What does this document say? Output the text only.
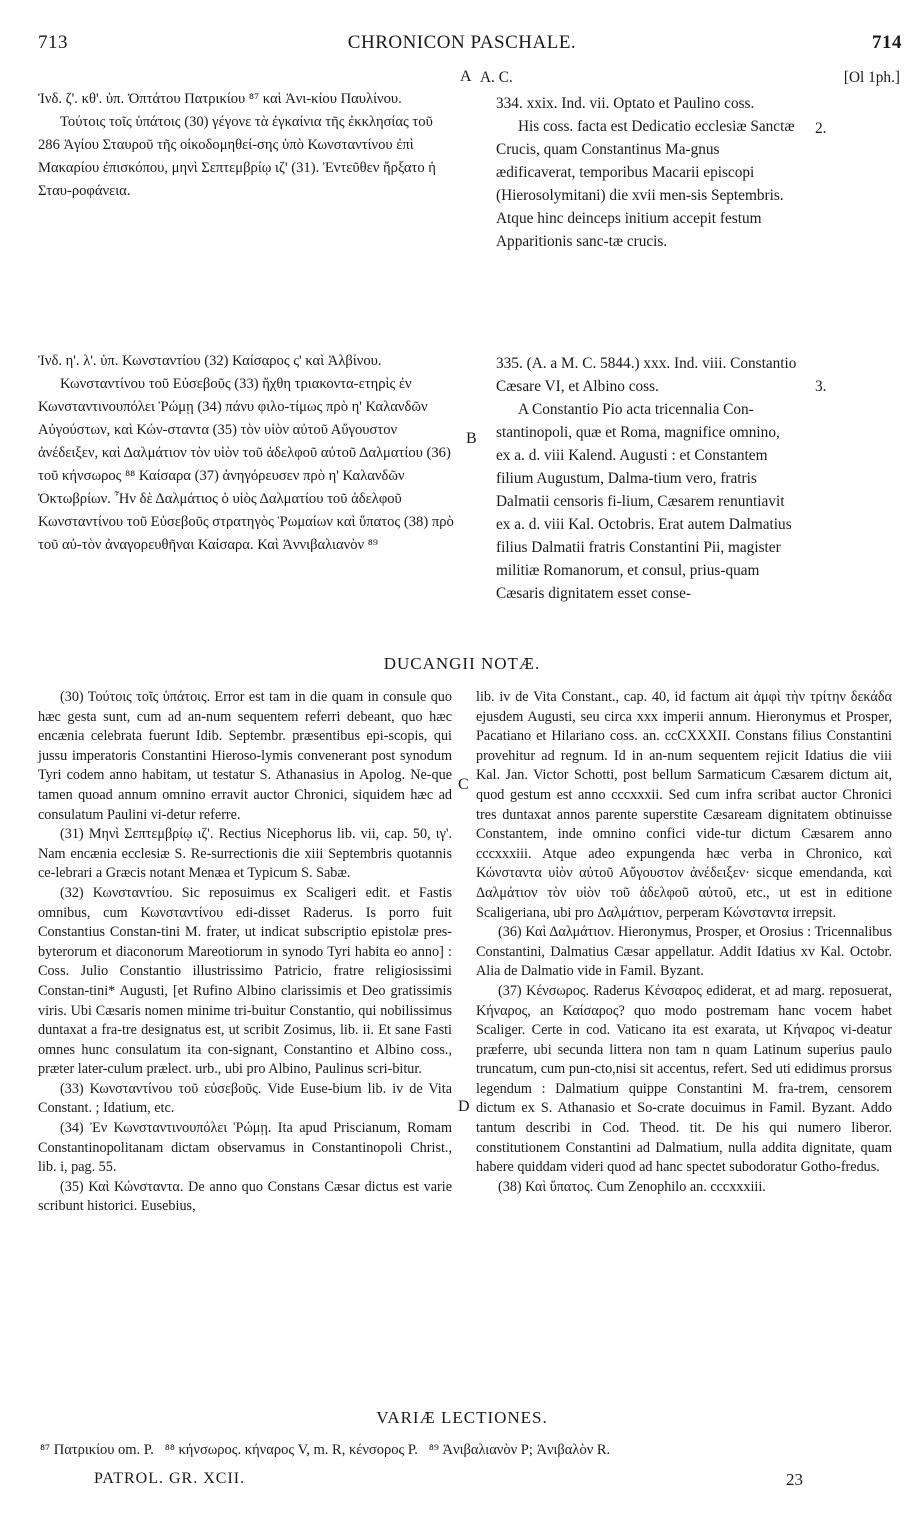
713	CHRONICON PASCHALE.	714
A

Ἰνδ. ζ'. κθ'. ὑπ. Ὀπτάτου Πατρικίου ⁸⁷ καὶ Ἀνι-κίου Παυλίνου.

Τούτοις τοῖς ὑπάτοις (30) γέγονε τὰ ἐγκαίνια τῆς ἐκκλησίας τοῦ 286 Ἁγίου Σταυροῦ τῆς οἰκοδομηθεί-σης ὑπὸ Κωνσταντίνου ἐπὶ Μακαρίου ἐπισκόπου, μηνὶ Σεπτεμβρίῳ ιζ' (31). Ἐντεῦθεν ἤρξατο ἡ Σταυ-ροφάνεια.

A. C.	[Ol 1ph.]

334. xxix. Ind. vii. Optato et Paulino coss.

His coss. facta est Dedicatio ecclesiæ Sanctæ Crucis, quam Constantinus Ma-gnus ædificaverat, temporibus Macarii episcopi (Hierosolymitani) die xvii men-sis Septembris. Atque hinc deinceps initium accepit festum Apparitionis sanc-tæ crucis.

2.
B

Ἰνδ. η'. λ'. ὑπ. Κωνσταντίου (32) Καίσαρος ς' καὶ Ἀλβίνου.

Κωνσταντίνου τοῦ Εὐσεβοῦς (33) ἤχθη τριακοντα-ετηρὶς ἐν Κωνσταντινουπόλει Ῥώμῃ (34) πάνυ φιλο-τίμως πρὸ η' Καλανδῶν Αὐγούστων, καὶ Κών-σταντα (35) τὸν υἱὸν αὐτοῦ Αὔγουστον ἀνέδειξεν, καὶ Δαλμάτιον τὸν υἱὸν τοῦ ἀδελφοῦ αὐτοῦ Δαλματίου (36) τοῦ κήνσωρος ⁸⁸ Καίσαρα (37) ἀνηγόρευσεν πρὸ η' Καλανδῶν Ὀκτωβρίων. Ἦν δὲ Δαλμάτιος ὁ υἱὸς Δαλματίου τοῦ ἀδελφοῦ Κωνσταντίνου τοῦ Εὐσεβοῦς στρατηγὸς Ῥωμαίων καὶ ὕπατος (38) πρὸ τοῦ αὐ-τὸν ἀναγορευθῆναι Καίσαρα. Καὶ Ἀννιβαλιανὸν ⁸⁹

335. (A. a M. C. 5844.) xxx. Ind. viii. Constantio Cæsare VI, et Albino coss.

A Constantio Pio acta tricennalia Con-stantinopoli, quæ et Roma, magnifice omnino, ex a. d. viii Kalend. Augusti : et Constantem filium Augustum, Dalma-tium vero, fratris Dalmatii censoris fi-lium, Cæsarem renuntiavit ex a. d. viii Kal. Octobris. Erat autem Dalmatius filius Dalmatii fratris Constantini Pii, magister militiæ Romanorum, et consul, prius-quam Cæsaris dignitatem esset conse-

3.
DUCANGII NOTÆ.
C
D

(30) Τούτοις τοῖς ὑπάτοις. Error est tam in die quam in consule quo hæc gesta sunt, cum ad an-num sequentem referri debeant, quo hæc encænia celebrata fuerunt Idib. Septembr. præsentibus epi-scopis, qui jussu imperatoris Constantini Hieroso-lymis convenerant post synodum Tyri codem anno habitam, ut testatur S. Athanasius in Apolog. Ne-que tamen quoad annum omnino erravit auctor Chronici, siquidem hæc ad consulatum Paulini vi-detur referre.

(31) Μηνὶ Σεπτεμβρίῳ ιζ'. Rectius Nicephorus lib. vii, cap. 50, ιγ'. Nam encænia ecclesiæ S. Re-surrectionis die xiii Septembris quotannis ce-lebrari a Græcis notant Menæa et Typicum S. Sabæ.

(32) Κωνσταντίου. Sic reposuimus ex Scaligeri edit. et Fastis omnibus, cum Κωνσταντίνου edi-disset Raderus. Is porro fuit Constantius Constan-tini M. frater, ut indicat subscriptio epistolæ pres-byterorum et diaconorum Mareotiorum in synodo Tyri habita eo anno] : Coss. Julio Constantio illustrissimo Patricio, fratre religiosissimi Constan-tini* Augusti, [et Rufino Albino clarissimis et Deo gratissimis viris. Ubi Cæsaris nomen minime tri-buitur Constantio, qui nobilissimus duntaxat a fra-tre designatus est, ut scribit Zosimus, lib. ii. Et sane Fasti omnes hunc consulatum ita con-signant, Constantino et Albino coss., præter later-culum prælect. urb., ubi pro Albino, Paulinus scri-bitur.

(33) Κωνσταντίνου τοῦ εὐσεβοῦς. Vide Euse-bium lib. iv de Vita Constant. ; Idatium, etc.

(34) Ἐν Κωνσταντινουπόλει Ῥώμῃ. Ita apud Priscianum, Romam Constantinopolitanam dictam observamus in Constantinopoli Christ., lib. i, pag. 55.

(35) Καὶ Κώνσταντα. De anno quo Constans Cæsar dictus est varie scribunt historici. Eusebius,

lib. iv de Vita Constant., cap. 40, id factum ait ἀμφὶ τὴν τρίτην δεκάδα ejusdem Augusti, seu circa xxx imperii annum. Hieronymus et Prosper, Pacatiano et Hilariano coss. an. ccCXXXII. Constans filius Constantini provehitur ad regnum. Id in an-num sequentem rejicit Idatius die viii Kal. Jan. Victor Schotti, post bellum Sarmaticum Cæsarem dictum ait, quod gestum est anno cccxxxii. Sed cum infra scribat auctor Chronici tres duntaxat annos parente superstite Cæsaream dignitatem obtinuisse Constantem, inde omnino confici vide-tur dictum Cæsarem anno cccxxxiii. Atque adeo expungenda hæc verba in Chronico, καὶ Κώνσταντα υἱὸν αὐτοῦ Αὔγουστον ἀνέδειξεν· sicque emendanda, καὶ Δαλμάτιον τὸν υἱὸν τοῦ ἀδελφοῦ αὐτοῦ, etc., ut est in editione Scaligeriana, ubi pro Δαλμάτιον, perperam Κώνσταντα irrepsit.

(36) Καὶ Δαλμάτιον. Hieronymus, Prosper, et Orosius : Tricennalibus Constantini, Dalmatius Cæsar appellatur. Addit Idatius xv Kal. Octobr. Alia de Dalmatio vide in Famil. Byzant.

(37) Κένσωρος. Raderus Κένσαρος ediderat, et ad marg. reposuerat, Κήναρος, an Καίσαρος? quo modo postremam hanc vocem habet Scaliger. Certe in cod. Vaticano ita est exarata, ut Κήναρος vi-deatur præferre, ubi secunda littera non tam n quam Latinum superius paulo truncatum, cum pun-cto,nisi sit accentus, refert. Sed uti edidimus prorsus legendum : Dalmatium quippe Constantini M. fra-trem, censorem dictum ex S. Athanasio et So-crate docuimus in Famil. Byzant. Addo tantum describi in Cod. Theod. tit. De his qui numero liberor. constitutionem Constantini ad Dalmatium, nulla addita dignitate, quam habere quiddam videri quod ad hanc spectet subodoratur Gotho-fredus.

(38) Καὶ ὕπατος. Cum Zenophilo an. cccxxxiii.

VARIÆ LECTIONES.
⁸⁷ Πατρικίου om. P.   ⁸⁸ κήνσωρος. κήναρος V, m. R, κένσορος P.   ⁸⁹ Ἀνιβαλιανὸν P; Ἀνιβαλὸν R.
PATROL. GR. XCII.	23
